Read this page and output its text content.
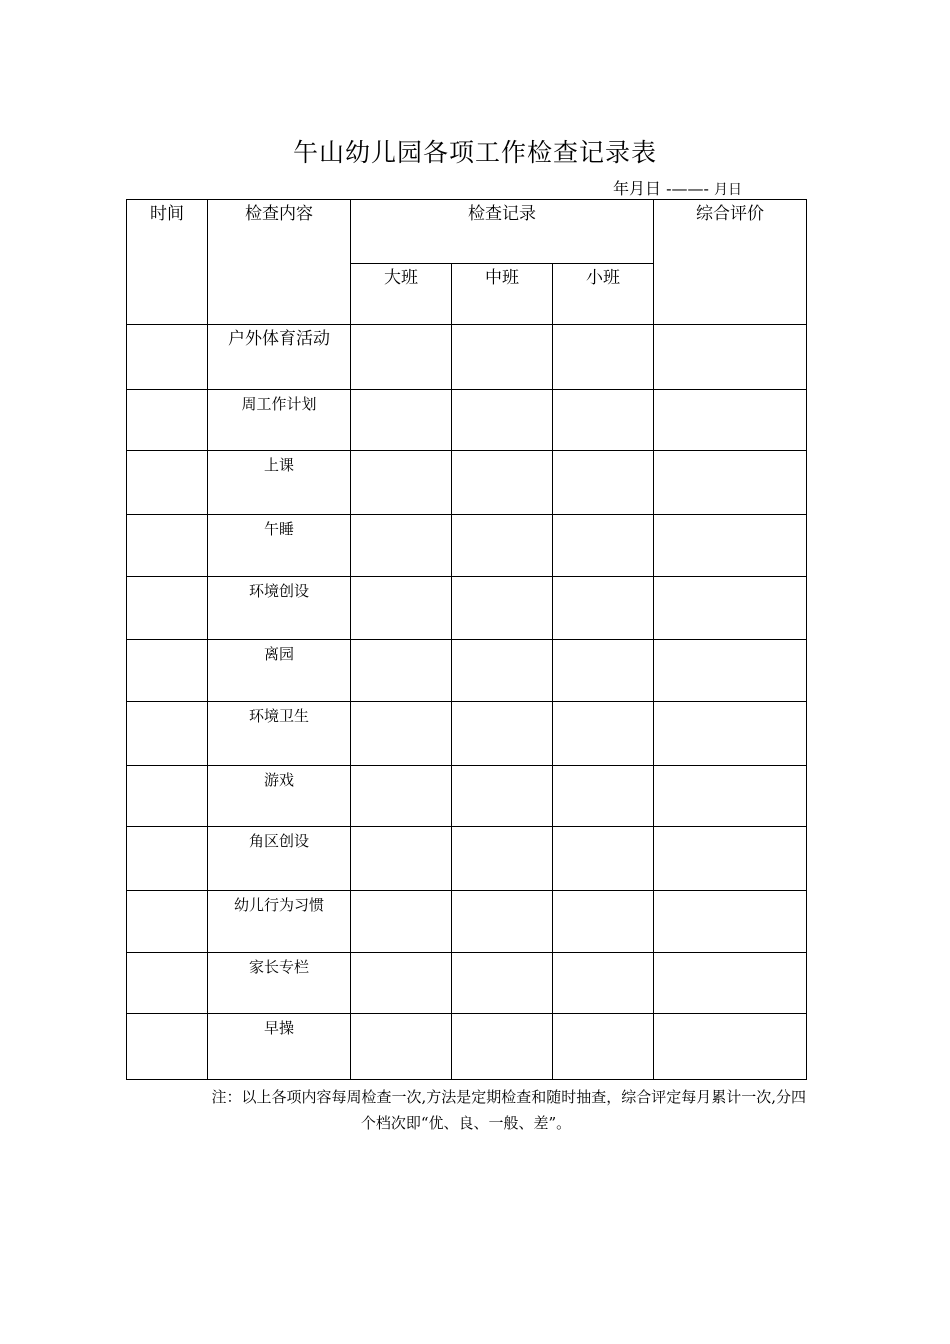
午山幼儿园各项工作检查记录表
年月日 -——- 月日
时间	检查内容	检查记录			综合评价
		大班	中班	小班	
	户外体育活动				
	周工作计划				
	上课				
	午睡				
	环境创设				
	离园				
	环境卫生				
	游戏				
	角区创设				
	幼儿行为习惯				
	家长专栏				
	早操				
注：以上各项内容每周检查一次,方法是定期检查和随时抽查，综合评定每月累计一次,分四
个档次即“优、良、一般、差”。
